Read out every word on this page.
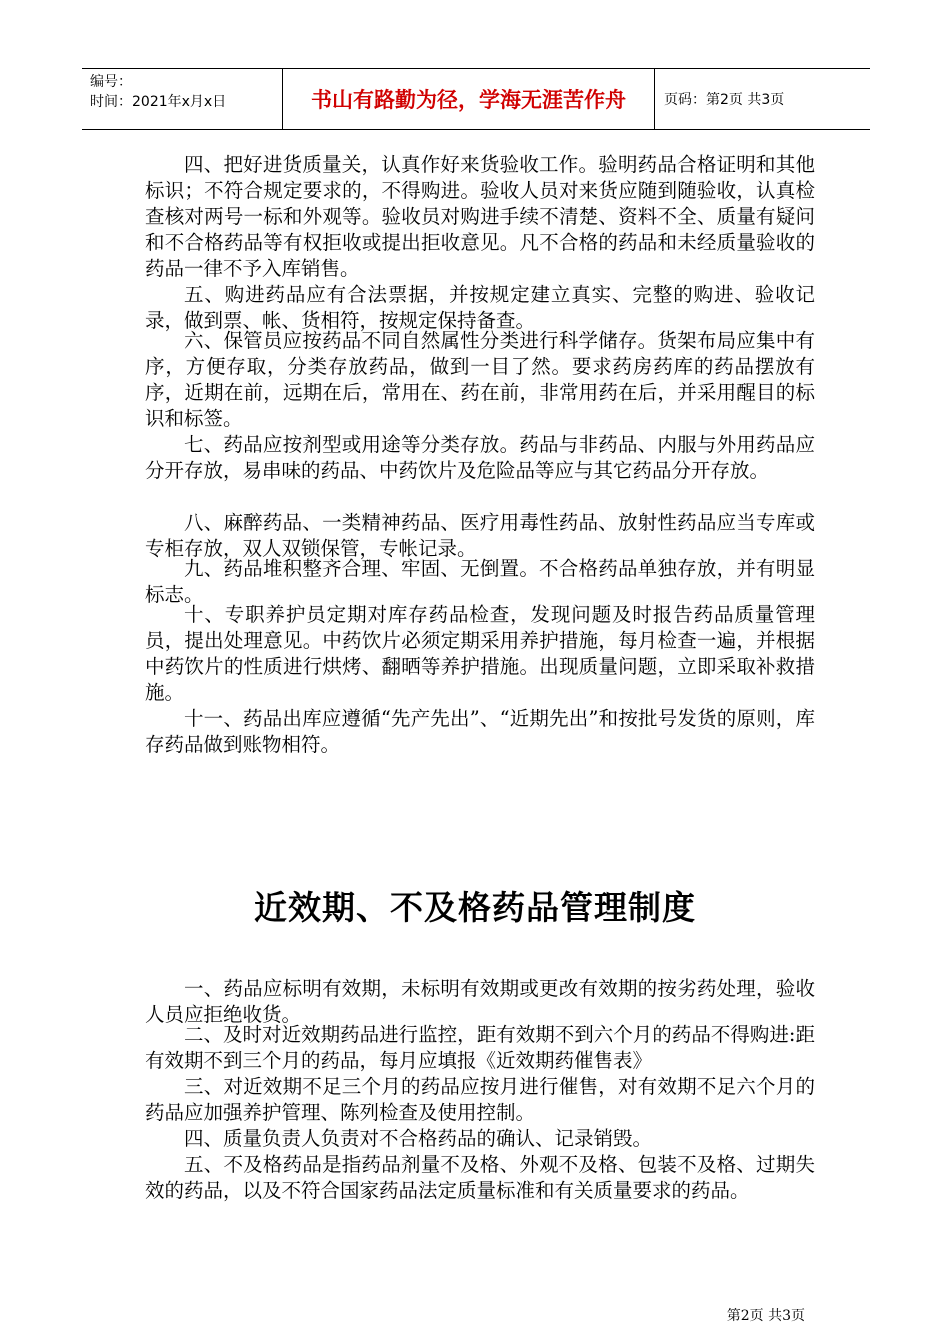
编号：
时间：2021年x月x日	书山有路勤为径，学海无涯苦作舟	页码：第2页 共3页

四、把好进货质量关，认真作好来货验收工作。验明药品合格证明和其他标识；不符合规定要求的，不得购进。验收人员对来货应随到随验收，认真检查核对两号一标和外观等。验收员对购进手续不清楚、资料不全、质量有疑问和不合格药品等有权拒收或提出拒收意见。凡不合格的药品和未经质量验收的药品一律不予入库销售。

五、购进药品应有合法票据，并按规定建立真实、完整的购进、验收记录，做到票、帐、货相符，按规定保持备查。

六、保管员应按药品不同自然属性分类进行科学储存。货架布局应集中有序，方便存取，分类存放药品，做到一目了然。要求药房药库的药品摆放有序，近期在前，远期在后，常用在、药在前，非常用药在后，并采用醒目的标识和标签。

七、药品应按剂型或用途等分类存放。药品与非药品、内服与外用药品应分开存放，易串味的药品、中药饮片及危险品等应与其它药品分开存放。

八、麻醉药品、一类精神药品、医疗用毒性药品、放射性药品应当专库或专柜存放，双人双锁保管，专帐记录。

九、药品堆积整齐合理、牢固、无倒置。不合格药品单独存放，并有明显标志。

十、专职养护员定期对库存药品检查，发现问题及时报告药品质量管理员，提出处理意见。中药饮片必须定期采用养护措施，每月检查一遍，并根据中药饮片的性质进行烘烤、翻晒等养护措施。出现质量问题，立即采取补救措施。

十一、药品出库应遵循“先产先出”、“近期先出”和按批号发货的原则，库存药品做到账物相符。

近效期、不及格药品管理制度

一、药品应标明有效期，未标明有效期或更改有效期的按劣药处理，验收人员应拒绝收货。

二、及时对近效期药品进行监控，距有效期不到六个月的药品不得购进:距有效期不到三个月的药品，每月应填报《近效期药催售表》

三、对近效期不足三个月的药品应按月进行催售，对有效期不足六个月的药品应加强养护管理、陈列检查及使用控制。

四、质量负责人负责对不合格药品的确认、记录销毁。

五、不及格药品是指药品剂量不及格、外观不及格、包装不及格、过期失效的药品，以及不符合国家药品法定质量标准和有关质量要求的药品。

第2页 共3页
